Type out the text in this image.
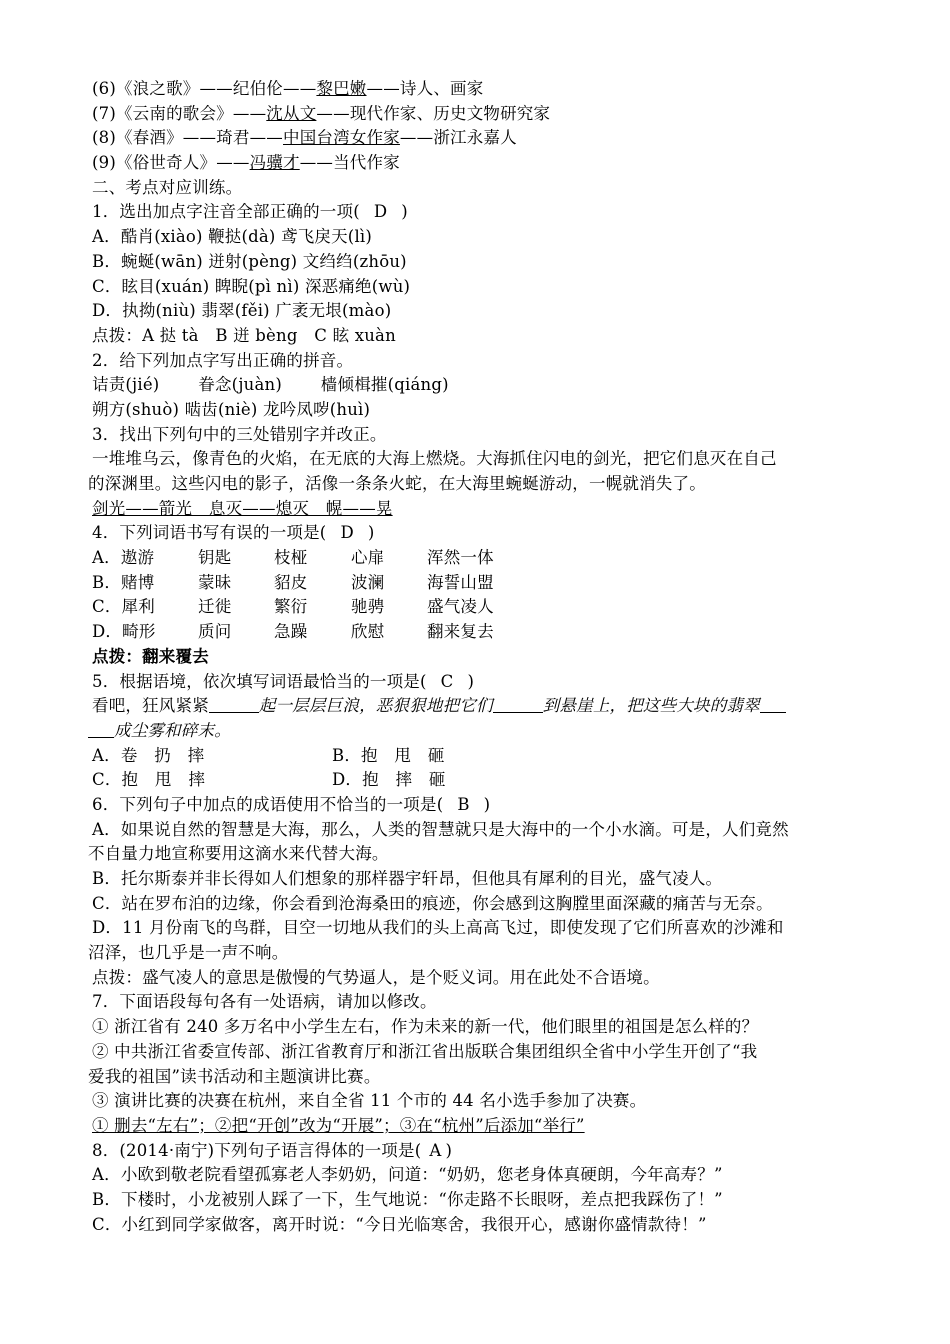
(6)《浪之歌》——纪伯伦——黎巴嫩——诗人、画家
(7)《云南的歌会》——沈从文——现代作家、历史文物研究家
(8)《春酒》——琦君——中国台湾女作家——浙江永嘉人
(9)《俗世奇人》——冯骥才——当代作家
二、考点对应训练。
1．选出加点字注音全部正确的一项( D )
A．酷肖(xiào) 鞭挞(dà) 鸢飞戾天(lì)
B．蜿蜒(wān) 迸射(pèng) 文绉绉(zhōu)
C．眩目(xuán) 睥睨(pì nì) 深恶痛绝(wù)
D．执拗(niù) 翡翠(fěi) 广袤无垠(mào)
点拨：A 挞 tà　B 迸 bèng　C 眩 xuàn
2．给下列加点字写出正确的拼音。
诘责(jié)　　 眷念(juàn)　　 樯倾楫摧(qiáng)
朔方(shuò) 啮齿(niè) 龙吟凤哕(huì)
3．找出下列句中的三处错别字并改正。
一堆堆乌云，像青色的火焰，在无底的大海上燃烧。大海抓住闪电的剑光，把它们息灭在自己
的深渊里。这些闪电的影子，活像一条条火蛇，在大海里蜿蜒游动，一幌就消失了。
剑光——箭光　息灭——熄灭　幌——晃
4．下列词语书写有误的一项是( D )
A．遨游	钥匙	枝桠	心扉	浑然一体
B．赌博	蒙昧	貂皮	波澜	海誓山盟
C．犀利	迁徙	繁衍	驰骋	盛气凌人
D．畸形	质问	急躁	欣慰	翻来复去
点拨：翻来覆去
5．根据语境，依次填写词语最恰当的一项是( C )
看吧，狂风紧紧	起一层层巨浪，恶狠狠地把它们	到悬崖上，把这些大块的翡翠
成尘雾和碎末。
A．卷　扔　摔	B．抱　甩　砸
C．抱　甩　摔	D．抱　摔　砸
6．下列句子中加点的成语使用不恰当的一项是( B )
A．如果说自然的智慧是大海，那么，人类的智慧就只是大海中的一个小水滴。可是，人们竟然
不自量力地宣称要用这滴水来代替大海。
B．托尔斯泰并非长得如人们想象的那样器宇轩昂，但他具有犀利的目光，盛气凌人。
C．站在罗布泊的边缘，你会看到沧海桑田的痕迹，你会感到这胸膛里面深藏的痛苦与无奈。
D．11 月份南飞的鸟群，目空一切地从我们的头上高高飞过，即使发现了它们所喜欢的沙滩和
沼泽，也几乎是一声不响。
点拨：盛气凌人的意思是傲慢的气势逼人，是个贬义词。用在此处不合语境。
7．下面语段每句各有一处语病，请加以修改。
① 浙江省有 240 多万名中小学生左右，作为未来的新一代，他们眼里的祖国是怎么样的？
② 中共浙江省委宣传部、浙江省教育厅和浙江省出版联合集团组织全省中小学生开创了“我
爱我的祖国”读书活动和主题演讲比赛。
③ 演讲比赛的决赛在杭州，来自全省 11 个市的 44 名小选手参加了决赛。
① 删去“左右”；②把“开创”改为“开展”；③在“杭州”后添加“举行”
8．(2014·南宁)下列句子语言得体的一项是( A )
A．小欧到敬老院看望孤寡老人李奶奶，问道：“奶奶，您老身体真硬朗，今年高寿？”
B．下楼时，小龙被别人踩了一下，生气地说：“你走路不长眼呀，差点把我踩伤了！”
C．小红到同学家做客，离开时说：“今日光临寒舍，我很开心，感谢你盛情款待！”
